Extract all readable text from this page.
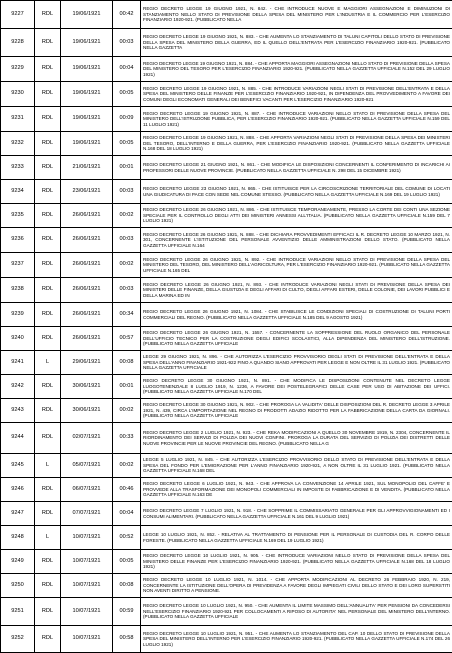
9227	RDL	19/06/1921	00:42	REGIO DECRETO LEGGE 19 GIUGNO 1921, N. 842. - CHE INTRODUCE NUOVE E MAGGIORI ASSEGNAZIONI E DIMINUZIONI DI STANZIAMENTO NELLO STATO DI PREVISIONE DELLA SPESA DEL MINISTERO PER L'INDUSTRIA E IL COMMERCIO PER L'ESERCIZIO FINANZIARIO 1920-921. (PUBBLICATO NELLA
9228	RDL	19/06/1921	00:03	REGIO DECRETO LEGGE 19 GIUGNO 1921, N. 883. - CHE AUMENTA LO STANZIAMENTO DI TALUNI CAPITOLI DELLO STATO DI PREVISIONE DELLA SPESA DEL MINISTERO DELLA GUERRA, ED IL QUELLO DELL'ENTRATA PER L'ESERCIZIO FINANZIARIO 1920-921. (PUBBLICATO NELLA GAZZETTA
9229	RDL	19/06/1921	00:04	REGIO DECRETO LEGGE 19 GIUGNO 1921, N. 884. - CHE APPORTA MAGGIORI ASSEGNAZIONI NELLO STATO DI PREVISIONE DELLA SPESA DEL MINISTERO DEL TESORO PER L'ESERCIZIO FINANZIARIO 1920-921. (PUBBLICATO NELLA GAZZETTA UFFICIALE N.152 DEL 29 LUGLIO 1921)
9230	RDL	19/06/1921	00:05	REGIO DECRETO LEGGE 19 GIUGNO 1921, N. 885. - CHE INTRODUCE VARIAZIONI NEGLI STATI DI PREVISIONE DELL'ENTRATA E DELLA SPESA DEL MINISTERO DELLE FINANZE PER L'ESERCIZIO FINANZIARIO 1920-921, IN DIPENDENZA DEL PROVVEDIMENTO A FAVORE DEI COMUNI DEGLI ECONOMATI GENERALI DEI BENEFICI VACANTI PER L'ESERCIZIO FINANZIARIO 1920-921
9231	RDL	19/06/1921	00:09	REGIO DECRETO LEGGE 19 GIUGNO 1921, N. 887. - CHE INTRODUCE VARIAZIONI NELLO STATO DI PREVISIONE DELLA SPESA DEL MINISTERO DELL'ISTRUZIONE PUBBLICA, PER L'ESERCIZIO FINANZIARIO 1920-921. (PUBBLICATO NELLA GAZZETTA UFFICIALE N.159 DEL 11 LUGLIO 1921)
9232	RDL	19/06/1921	00:05	REGIO DECRETO LEGGE 19 GIUGNO 1921, N. 888. - CHE APPORTA VARIAZIONI NEGLI STATI DI PREVISIONE DELLA SPESA DEI MINISTERI DEL TESORO, DELL'INTERNO E DELLA GUERRA, PER L'ESERCIZIO FINANZIARIO 1920-921. (PUBBLICATO NELLA GAZZETTA UFFICIALE N.168 DEL 18 LUGLIO 1921)
9233	RDL	21/06/1921	00:01	REGIO DECRETO LEGGE 21 GIUGNO 1921, N. 861. - CHE MODIFICA LE DISPOSIZIONI CONCERNENTI IL CONFERIMENTO DI INCARICHI AI PROFESSORI DELLE NUOVE PROVINCIE. (PUBBLICATO NELLA GAZZETTA UFFICIALE N. 298 DEL 15 DICEMBRE 1921)
9234	RDL	23/06/1921	00:03	REGIO DECRETO LEGGE 23 GIUGNO 1921, N. 865. - CHE ISTITUISCE PER LA CIRCOSCRIZIONE TERRITORIALE DEL COMUNE DI LOCATI UNA GIUDICATURA DI PACE CON SEDE NEL COMUNE STESSO. (PUBBLICATO NELLA GAZZETTA UFFICIALE N.169 DEL 19 LUGLIO 1921)
9235	RDL	26/06/1921	00:02	REGIO DECRETO LEGGE 26 GIUGNO 1921, N. 886. - CHE ISTITUISCE TEMPORANEAMENTE, PRESSO LA CORTE DEI CONTI UNA SEZIONE SPECIALE PER IL CONTROLLO DEGLI ATTI DEI MINISTERI ANNESSI ALL'ITALIA. (PUBBLICATO NELLA GAZZETTA UFFICIALE N.159 DEL 7 LUGLIO 1921)
9236	RDL	26/06/1921	00:03	REGIO DECRETO LEGGE 26 GIUGNO 1921, N. 888. - CHE DICHIARA PROVVEDIMENTI EFFICACI IL R. DECRETO LEGGE 10 MARZO 1921, N. 301, CONCERNENTE L'ISTITUZIONE DEL PERSONALE AVVENTIZIO DELLE AMMINISTRAZIONI DELLO STATO. (PUBBLICATO NELLA GAZZETTA UFFICIALE N.164
9237	RDL	26/06/1921	00:02	REGIO DECRETO LEGGE 26 GIUGNO 1921, N. 892. - CHE INTRODUCE VARIAZIONI NELLO STATO DI PREVISIONE DELLA SPESA DEL MINISTERO DEL TESORO, DEL MINISTERO DELL'AGRICOLTURA, PER L'ESERCIZIO FINANZIARIO 1920-921. (PUBBLICATO NELLA GAZZETTA UFFICIALE N.165 DEL
9238	RDL	26/06/1921	00:03	REGIO DECRETO LEGGE 26 GIUGNO 1921, N. 893. - CHE INTRODUCE VARIAZIONI NEGLI STATI DI PREVISIONE DELLA SPESA DEI MINISTERI DELLE FINANZE, DELLA GIUSTIZIA E DEGLI AFFARI DI CULTO, DEGLI AFFARI ESTERI, DELLE COLONIE, DEI LAVORI PUBBLICI E DELLA MARINA ED IN
9239	RDL	26/06/1921	00:34	REGIO DECRETO LEGGE 26 GIUGNO 1921, N. 1084. - CHE STABILISCE LE CONDIZIONI SPECIALI DI COSTRUZIONE DI TALUNI PORTI COMMERCIALI DEL REGNO. (PUBBLICATO NELLA GAZZETTA UFFICIALE N.185 DEL 9 AGOSTO 1921)
9240	RDL	26/06/1921	00:57	REGIO DECRETO LEGGE 26 GIUGNO 1921, N. 1557. - CONCERNENTE LA SOPPRESSIONE DEL RUOLO ORGANICO DEL PERSONALE DELL'UFFICIO TECNICO PER LA COSTRUZIONE DEGLI EDIFICI SCOLASTICI, ALLA DIPENDENZA DEL MINISTERO DELL'ISTRUZIONE. (PUBBLICATO NELLA GAZZETTA UFFICIALE
9241	L	29/06/1921	00:08	LEGGE 29 GIUGNO 1921, N. 896. - CHE AUTORIZZA L'ESERCIZIO PROVVISORIO DEGLI STATI DI PREVISIONE DELL'ENTRATA E DELLA SPESA DELL'ANNO FINANZIARIO 1921-922 FINO A QUANDO SIANO APPROVATI PER LEGGE E NON OLTRE IL 31 LUGLIO 1921. (PUBBLICATO NELLA GAZZETTA UFFICIALE
9242	RDL	30/06/1921	00:01	REGIO DECRETO LEGGE 30 GIUGNO 1921, N. 891. - CHE MODIFICA LE DISPOSIZIONI CONTENUTE NEL DECRETO LEGGE LUOGOTENENZIALE 8 LUGLIO 1919, N. 1236, A FAVORE DEI POSTELEGRAFICI DELLE CASE PER USO DI ABITAZIONE DEI UFFICI. (PUBBLICATO NELLA GAZZETTA UFFICIALE N.170 DEL
9243	RDL	30/06/1921	00:02	REGIO DECRETO LEGGE 30 GIUGNO 1921, N. 902. - CHE PROROGA LA VALIDITA' DELLE DISPOSIZIONI DEL R. DECRETO LEGGE 3 APRILE 1921, N. 439, CIRCA L'IMPORTAZIONE NEL REGNO DI PRODOTTI ADAZIO RIDOTTO PER LA FABBRICAZIONE DELLA CARTA DA GIORNALI. (PUBBLICATO NELLA GAZZETTA UFFICIALE
9244	RDL	02/07/1921	00:33	REGIO DECRETO LEGGE 2 LUGLIO 1921, N. 923. - CHE REKA MODIFICAZIONI A QUELLO 30 NOVEMBRE 1919, N. 2304, CONCERNENTE IL RIORDINAMENTO DEI SERVIZI DI POLIZIA DEI NUOVI CONFINI. PROROGA LA DURATA DEL SERVIZIO DI POLIZIA DEI DISTRETTI DELLE NUOVE PROVINCIE PER LE NUOVE PROVINCIE DEL REGNO. (PUBBLICATO NELLA G
9245	L	05/07/1921	00:02	LEGGE 5 LUGLIO 1921, N. 845. - CHE AUTORIZZA L'ESERCIZIO PROVVISORIO DELLO STATO DI PREVISIONE DELL'ENTRATA E DELLA SPESA DEL FONDO PER L'EMIGRAZIONE PER L'ANNO FINANZIARIO 1920-921, A NON OLTRE IL 31 LUGLIO 1921. (PUBBLICATO NELLA GAZZETTA UFFICIALE N.168 DEL
9246	RDL	06/07/1921	00:46	REGIO DECRETO LEGGE 6 LUGLIO 1921, N. 943. - CHE APPROVA LA CONVENZIONE 14 APRILE 1921, SUL MONOPOLIO DEL CAFFE' E PROVVEDE ALLA TRASFORMAZIONE DEI MONOPOLI COMMERCIALI IN IMPOSTE DI FABBRICAZIONE E DI VENDITA. (PUBBLICATO NELLA GAZZETTA UFFICIALE N.163 DE
9247	RDL	07/07/1921	00:04	REGIO DECRETO LEGGE 7 LUGLIO 1921, N. 918. - CHE SOPPRIME IL COMMISSARIATO GENERALE PER GLI APPROVVIGIONAMENTI ED I CONSUMI ALIMENTARI. (PUBBLICATO NELLA GAZZETTA UFFICIALE N.161 DEL 9 LUGLIO 1921)
9248	L	10/07/1921	00:52	LEGGE 10 LUGLIO 1921, N. 852. - RELATIVA AL TRATTAMENTO DI PENSIONE PER IL PERSONALE DI CUSTODIA DEL R. CORPO DELLE FORESTE. (PUBBLICATO NELLA GAZZETTA UFFICIALE N.169 DEL 19 LUGLIO 1921)
9249	RDL	10/07/1921	00:05	REGIO DECRETO LEGGE 10 LUGLIO 1921, N. 905. - CHE INTRODUCE VARIAZIONI NELLO STATO DI PREVISIONE DELLA SPESA DEL MINISTERO DELLE FINANZE PER L'ESERCIZIO FINANZIARIO 1920-921. (PUBBLICATO NELLA GAZZETTA UFFICIALE N.168 DEL 18 LUGLIO 1921)
9250	RDL	10/07/1921	00:08	REGIO DECRETO LEGGE 10 LUGLIO 1921, N. 1014. - CHE APPORTA MODIFICAZIONI AL DECRETO 26 FEBBRAIO 1920, N. 219, CONCERNENTE LA ISTITUZIONE DELL'OPERA DI PREVIDENZA A FAVORE DEGLI IMPIEGATI CIVILI DELLO STATO E DEI LORO SUPERSTITI NON AVENTI DIRITTO A PENSIONE.
9251	RDL	10/07/1921	00:59	REGIO DECRETO LEGGE 10 LUGLIO 1921, N. 950. - CHE AUMENTA IL LIMITE MASSIMO DELL'ANNUALITA' PER PENSIONI DA CONCEDERSI NELL'ESERCIZIO FINANZIARIO 1920-921 PER COLLOCAMENTI A RIPOSO DI AUTORITA' NEL PERSONALE DEL MINISTERO DELL'INTERNO. (PUBBLICATO NELLA GAZZETTA UFFICIALE
9252	RDL	10/07/1921	00:58	REGIO DECRETO LEGGE 10 LUGLIO 1921, N. 951. - CHE AUMENTA LO STANZIAMENTO DEL CAP. 10 DELLO STATO DI PREVISIONE DELLA SPESA DEL MINISTERO DELL'INTERNO PER L'ESERCIZIO FINANZIARIO 1920-921. (PUBBLICATO NELLA GAZZETTA UFFICIALE N.174 DEL 26 LUGLIO 1921)
